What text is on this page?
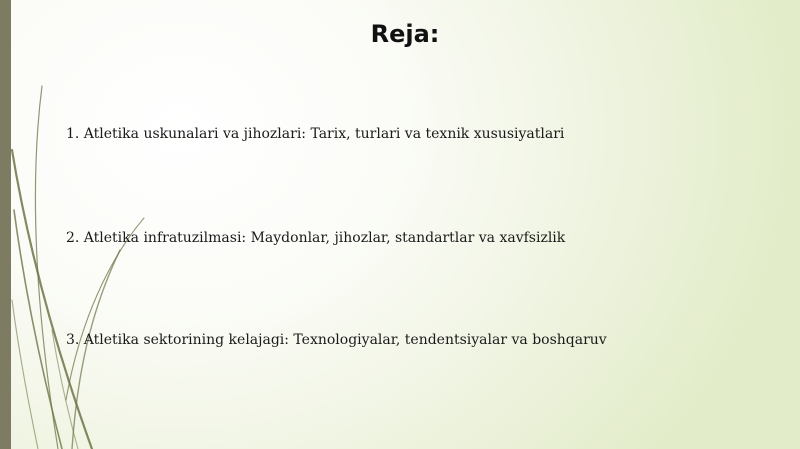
Reja:

1. Atletika uskunalari va jihozlari: Tarix, turlari va texnik xususiyatlari

2. Atletika infratuzilmasi: Maydonlar, jihozlar, standartlar va xavfsizlik

3. Atletika sektorining kelajagi: Texnologiyalar, tendentsiyalar va boshqaruv
